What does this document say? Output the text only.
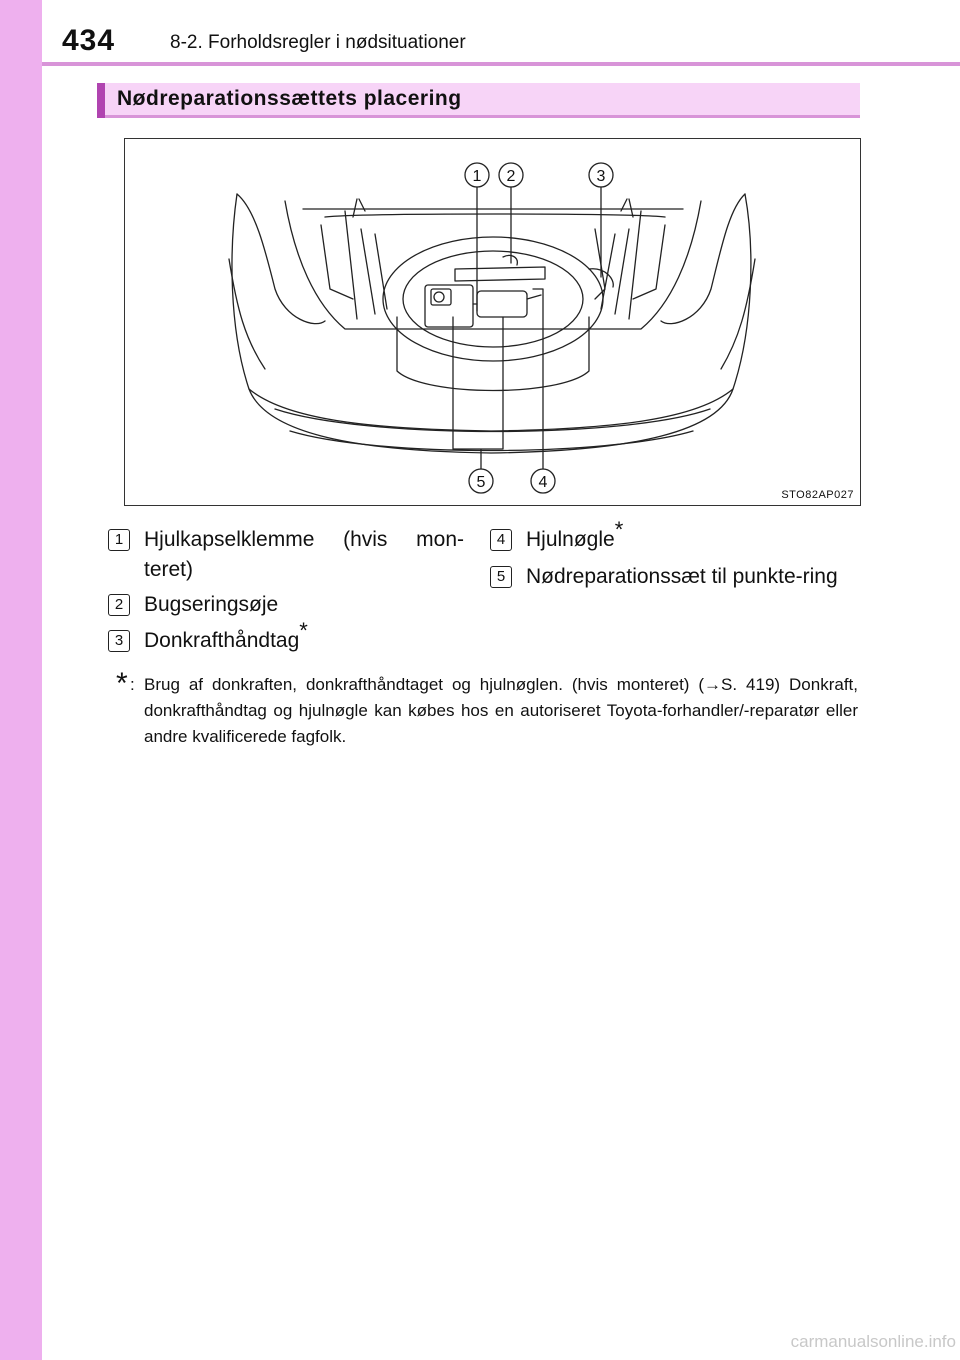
434	8-2. Forholdsregler i nødsituationer
Nødreparationssættets placering
1 2	3
4
5
STO82AP027
1 Hjulkapselklemme (hvis mon-teret)
2 Bugseringsøje
3 Donkrafthåndtag*
4 Hjulnøgle*
5 Nødreparationssæt til punkte-ring
* : Brug af donkraften, donkrafthåndtaget og hjulnøglen. (hvis monteret) (→S. 419) Donkraft, donkrafthåndtag og hjulnøgle kan købes hos en autoriseret Toyota-forhandler/-reparatør eller andre kvalificerede fagfolk.
carmanualsonline.info
